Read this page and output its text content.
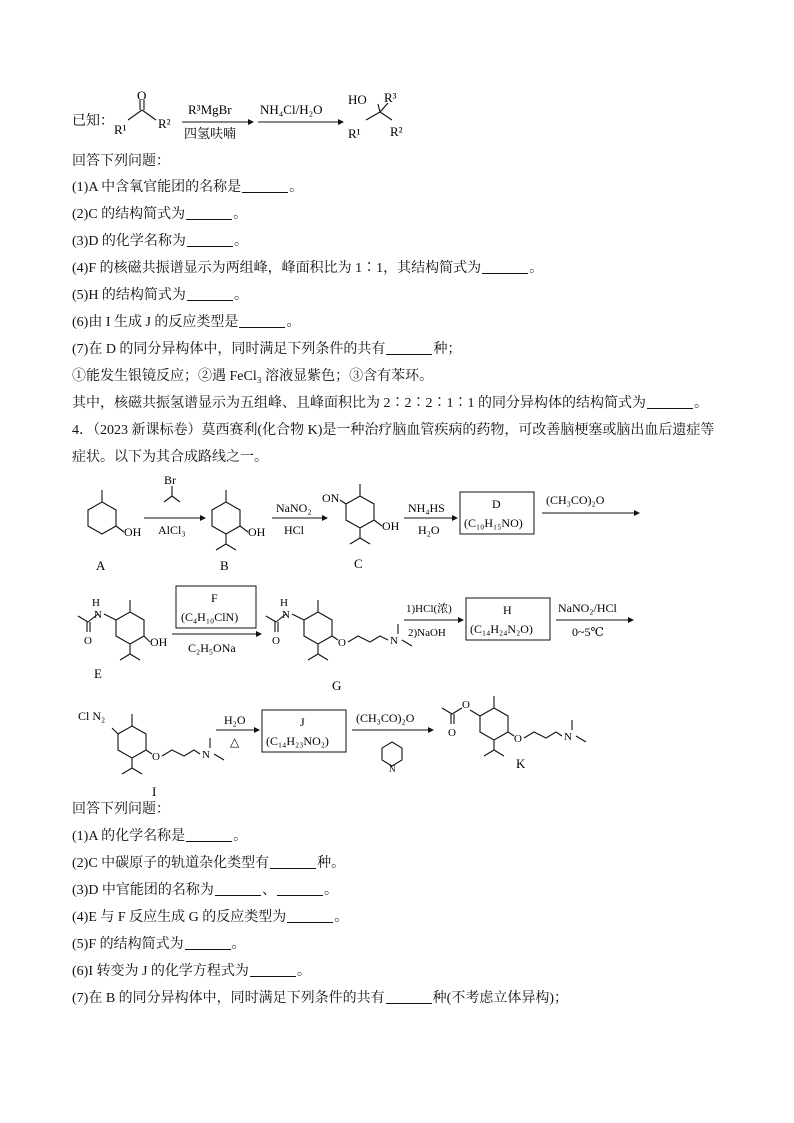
已知：
O
R¹ R²
R³MgBr
四氢呋喃
NH₄Cl/H₂O
HO R³
R¹ R²
回答下列问题：
(1)A 中含氧官能团的名称是	。
(2)C 的结构简式为	。
(3)D 的化学名称为	。
(4)F 的核磁共振谱显示为两组峰，峰面积比为 1∶1，其结构简式为	。
(5)H 的结构简式为	。
(6)由 I 生成 J 的反应类型是	。
(7)在 D 的同分异构体中，同时满足下列条件的共有	种；
①能发生银镜反应；②遇 FeCl₃ 溶液显紫色；③含有苯环。
其中，核磁共振氢谱显示为五组峰、且峰面积比为 2∶2∶2∶1∶1 的同分异构体的结构简式为	。
4．（2023 新课标卷）莫西赛利(化合物 K)是一种治疗脑血管疾病的药物，可改善脑梗塞或脑出血后遗症等
症状。以下为其合成路线之一。
OH
A
Br
AlCl₃	OH
B
NaNO₂
HCl
ON
OH
C
NH₄HS
H₂O
D
(C₁₀H₁₅NO)
(CH₃CO)₂O
H
N
O	OH
E
F
(C₄H₁₀ClN)
C₂H₅ONa
H
N
O	O	N
G
1)HCl(浓)
2)NaOH
H
(C₁₄H₂₄N₂O)
NaNO₂/HCl
0~5℃
Cl N₂
O	N
I
H₂O
△
J
(C₁₄H₂₃NO₂)
(CH₃CO)₂O
N
O
O	O	N
K
回答下列问题：
(1)A 的化学名称是	。
(2)C 中碳原子的轨道杂化类型有	种。
(3)D 中官能团的名称为	、	。
(4)E 与 F 反应生成 G 的反应类型为	。
(5)F 的结构简式为	。
(6)I 转变为 J 的化学方程式为	。
(7)在 B 的同分异构体中，同时满足下列条件的共有	种(不考虑立体异构)；
